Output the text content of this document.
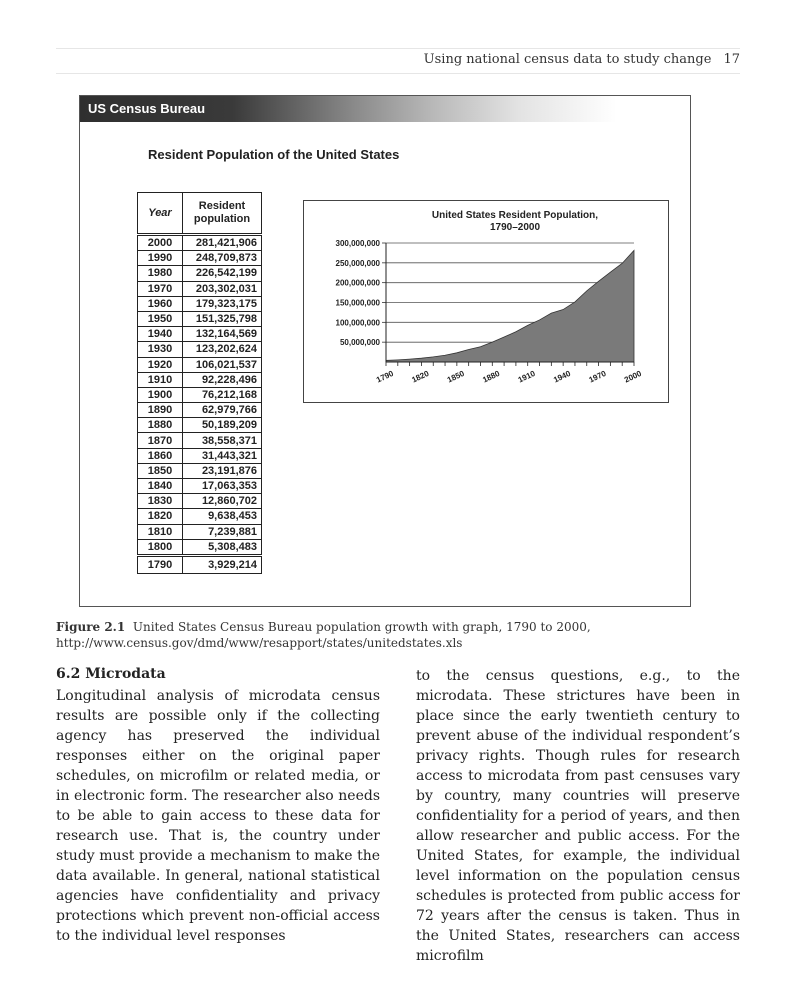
Using national census data to study change 17
US Census Bureau
Resident Population of the United States
Year	Resident population
2000	281,421,906
1990	248,709,873
1980	226,542,199
1970	203,302,031
1960	179,323,175
1950	151,325,798
1940	132,164,569
1930	123,202,624
1920	106,021,537
1910	92,228,496
1900	76,212,168
1890	62,979,766
1880	50,189,209
1870	38,558,371
1860	31,443,321
1850	23,191,876
1840	17,063,353
1830	12,860,702
1820	9,638,453
1810	7,239,881
1800	5,308,483
1790	3,929,214
United States Resident Population,
1790–2000
50,000,000
100,000,000
150,000,000
200,000,000
250,000,000
300,000,000
1790 1820 1850 1880 1910 1940 1970 2000
Figure 2.1 United States Census Bureau population growth with graph, 1790 to 2000, http://www.census.gov/dmd/www/resapport/states/unitedstates.xls
6.2 Microdata
Longitudinal analysis of microdata census results are possible only if the collecting agency has preserved the individual responses either on the original paper schedules, on microfilm or related media, or in electronic form. The researcher also needs to be able to gain access to these data for research use. That is, the country under study must provide a mechanism to make the data available. In general, national statistical agencies have confidentiality and privacy protections which prevent non-official access to the individual level responses
to the census questions, e.g., to the microdata. These strictures have been in place since the early twentieth century to prevent abuse of the individual respondent’s privacy rights. Though rules for research access to microdata from past censuses vary by country, many countries will preserve confidentiality for a period of years, and then allow researcher and public access. For the United States, for example, the individual level information on the population census schedules is protected from public access for 72 years after the census is taken. Thus in the United States, researchers can access microfilm
